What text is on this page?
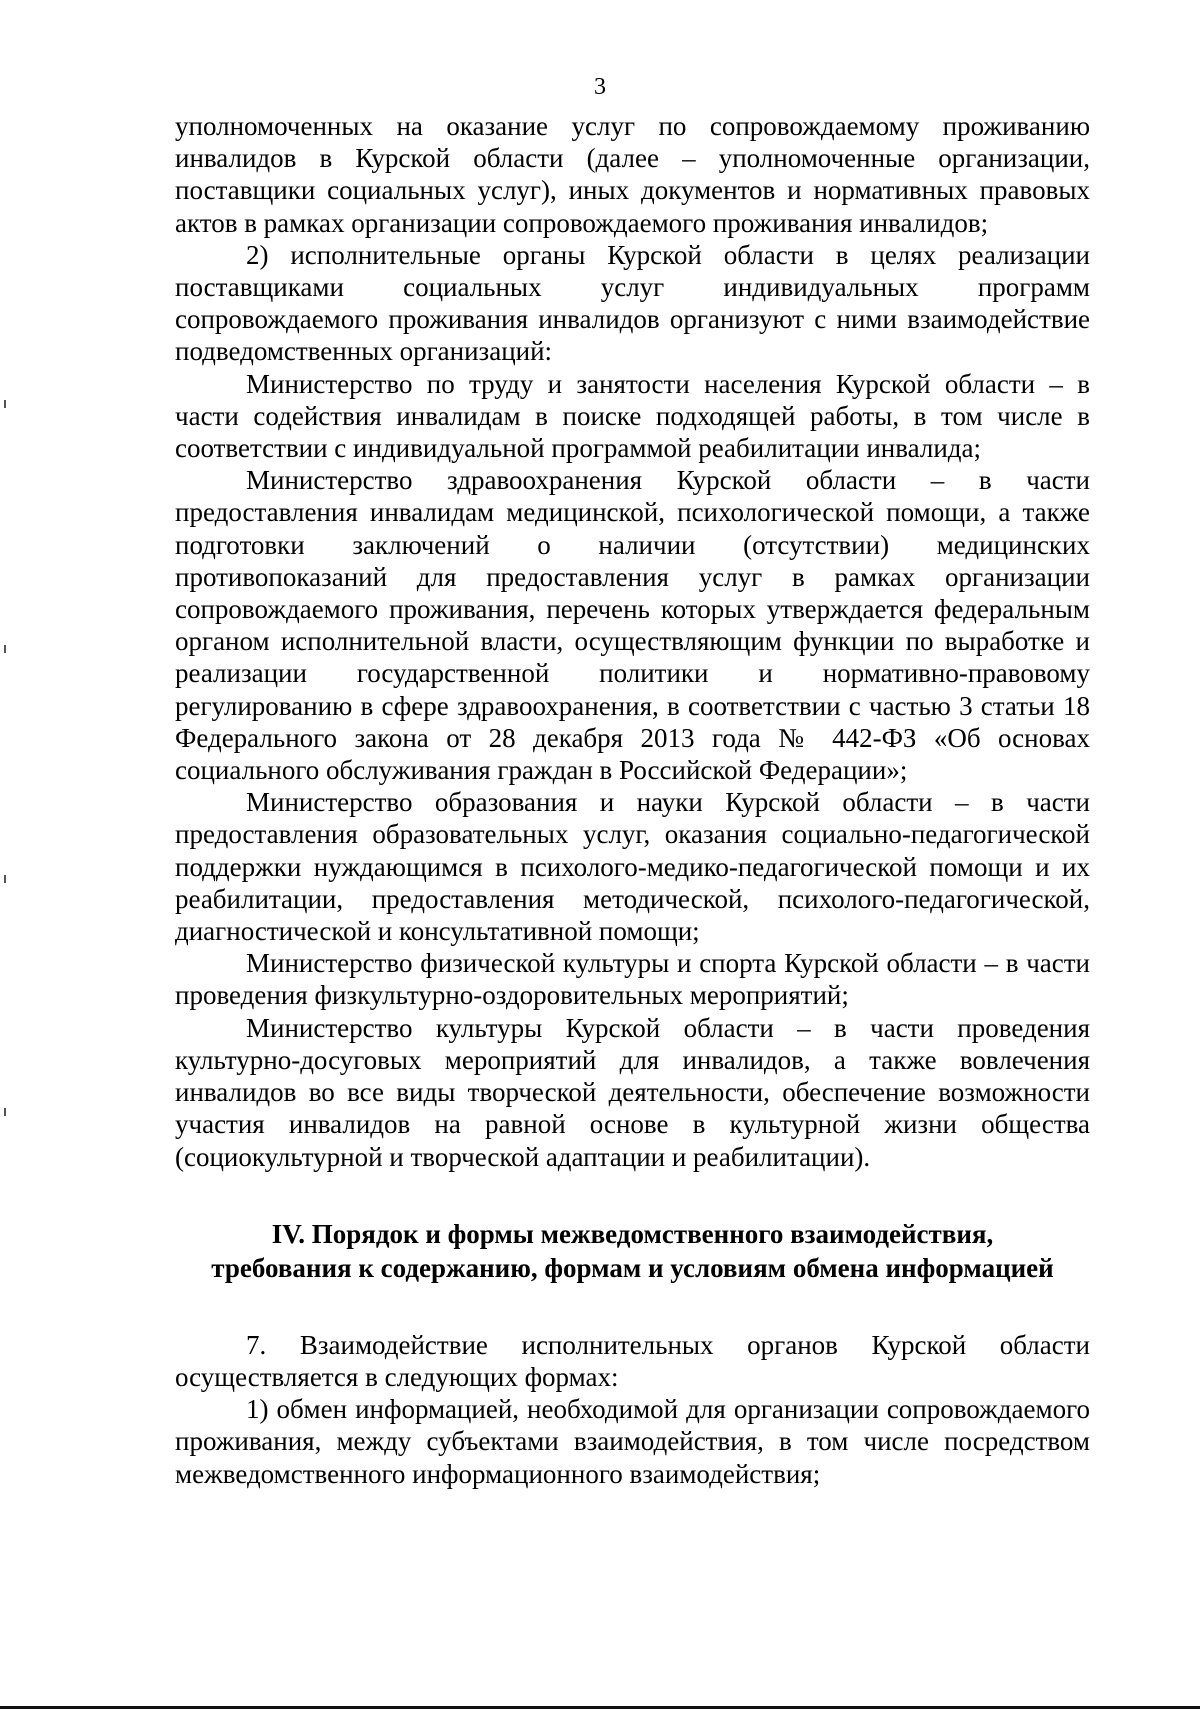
3

уполномоченных на оказание услуг по сопровождаемому проживанию инвалидов в Курской области (далее – уполномоченные организации, поставщики социальных услуг), иных документов и нормативных правовых актов в рамках организации сопровождаемого проживания инвалидов;

2) исполнительные органы Курской области в целях реализации поставщиками социальных услуг индивидуальных программ сопровождаемого проживания инвалидов организуют с ними взаимодействие подведомственных организаций:

Министерство по труду и занятости населения Курской области – в части содействия инвалидам в поиске подходящей работы, в том числе в соответствии с индивидуальной программой реабилитации инвалида;

Министерство здравоохранения Курской области – в части предоставления инвалидам медицинской, психологической помощи, а также подготовки заключений о наличии (отсутствии) медицинских противопоказаний для предоставления услуг в рамках организации сопровождаемого проживания, перечень которых утверждается федеральным органом исполнительной власти, осуществляющим функции по выработке и реализации государственной политики и нормативно-правовому регулированию в сфере здравоохранения, в соответствии с частью 3 статьи 18 Федерального закона от 28 декабря 2013 года № 442-ФЗ «Об основах социального обслуживания граждан в Российской Федерации»;

Министерство образования и науки Курской области – в части предоставления образовательных услуг, оказания социально-педагогической поддержки нуждающимся в психолого-медико-педагогической помощи и их реабилитации, предоставления методической, психолого-педагогической, диагностической и консультативной помощи;

Министерство физической культуры и спорта Курской области – в части проведения физкультурно-оздоровительных мероприятий;

Министерство культуры Курской области – в части проведения культурно-досуговых мероприятий для инвалидов, а также вовлечения инвалидов во все виды творческой деятельности, обеспечение возможности участия инвалидов на равной основе в культурной жизни общества (социокультурной и творческой адаптации и реабилитации).

IV. Порядок и формы межведомственного взаимодействия,
требования к содержанию, формам и условиям обмена информацией

7. Взаимодействие исполнительных органов Курской области осуществляется в следующих формах:

1) обмен информацией, необходимой для организации сопровождаемого проживания, между субъектами взаимодействия, в том числе посредством межведомственного информационного взаимодействия;
